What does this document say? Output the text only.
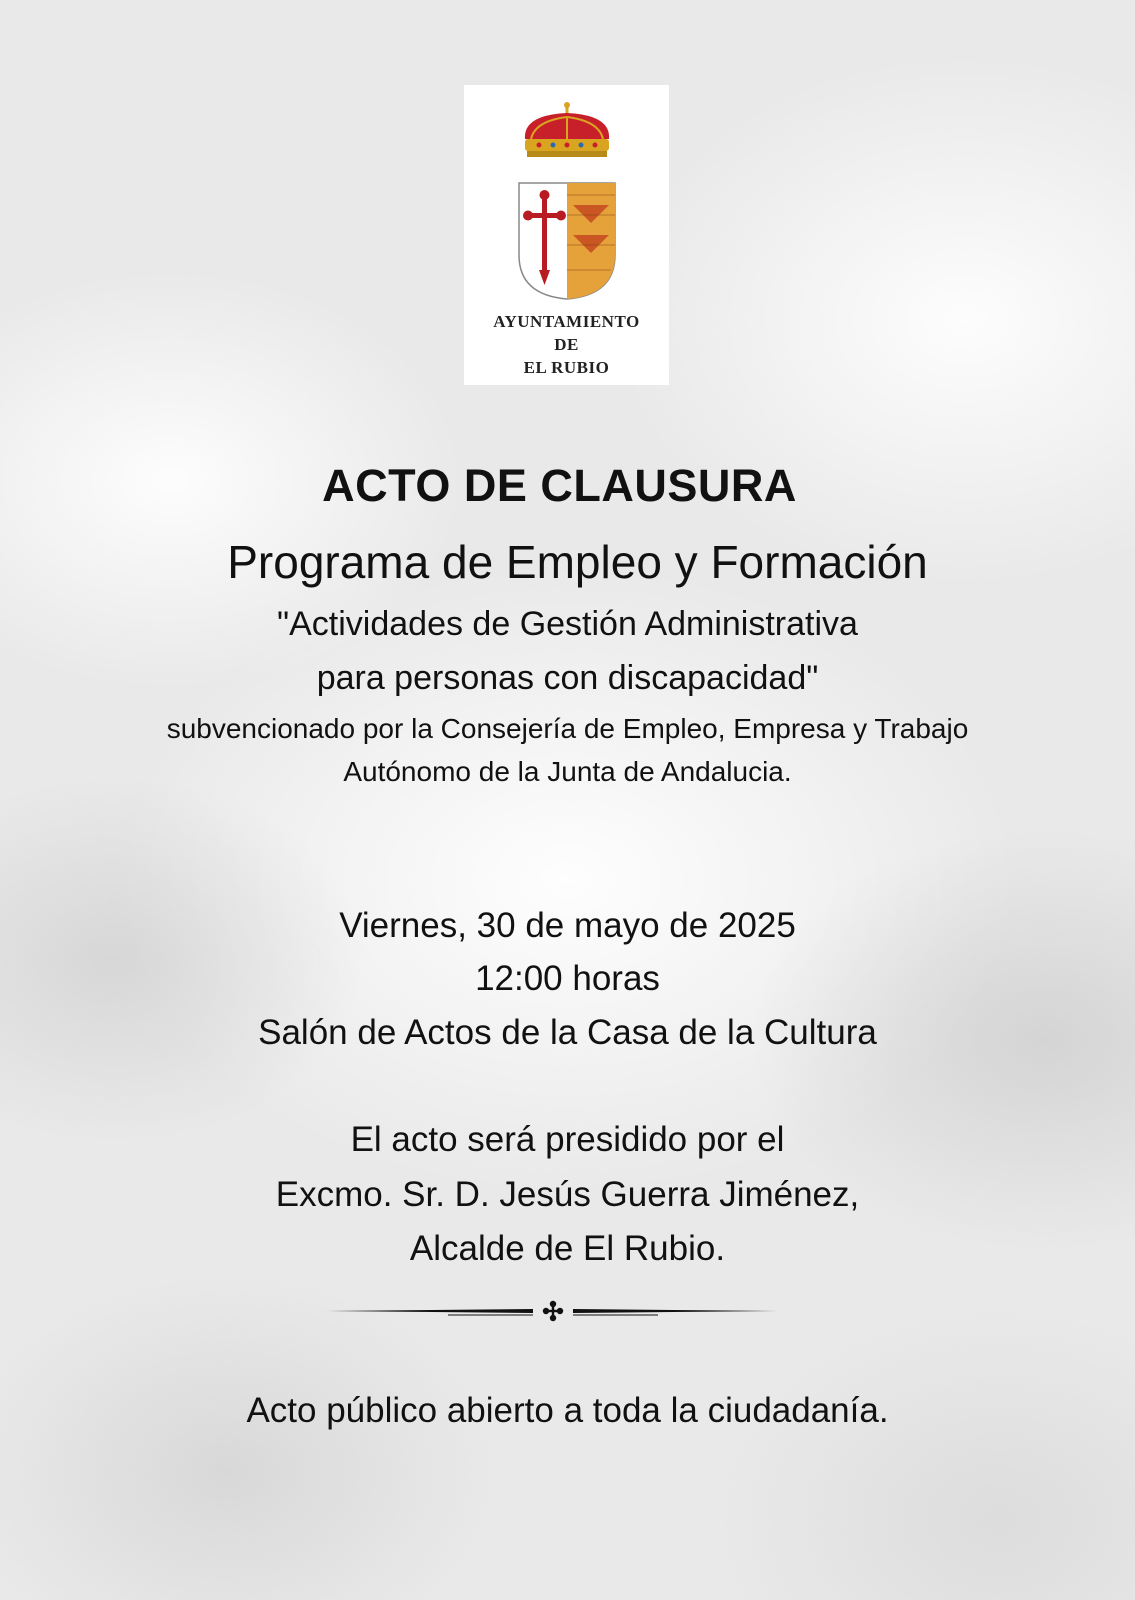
AYUNTAMIENTO
DE
EL RUBIO
ACTO DE CLAUSURA
Programa de Empleo y Formación
"Actividades de Gestión Administrativa
para personas con discapacidad"
subvencionado por la Consejería de Empleo, Empresa y Trabajo
Autónomo de la Junta de Andalucia.
Viernes, 30 de mayo de 2025
12:00 horas
Salón de Actos de la Casa de la Cultura
El acto será presidido por el
Excmo. Sr. D. Jesús Guerra Jiménez,
Alcalde de El Rubio.
Acto público abierto a toda la ciudadanía.
